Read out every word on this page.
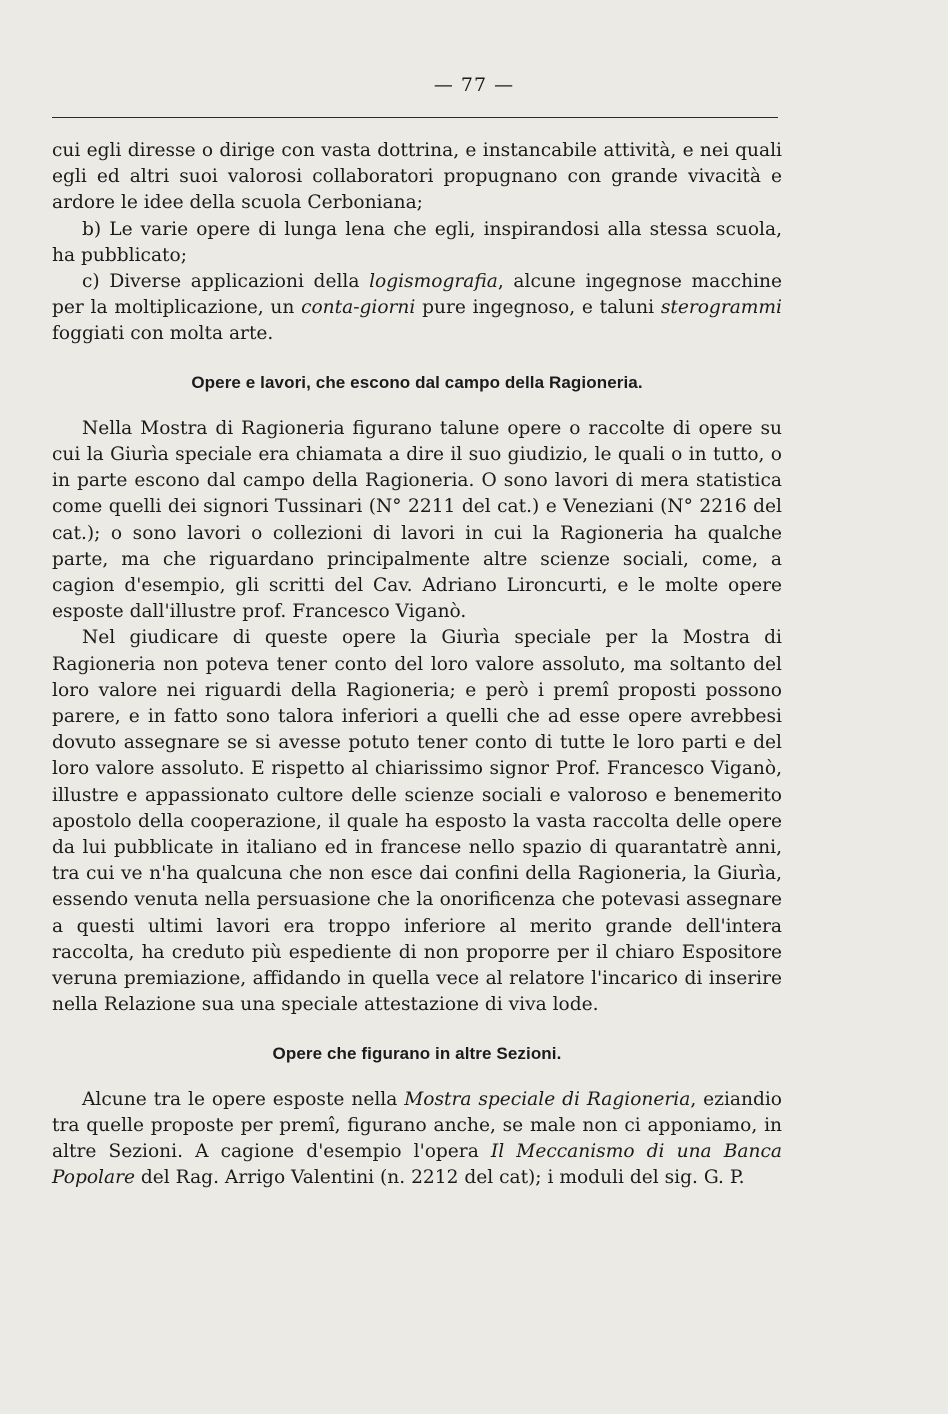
— 77 —

cui egli diresse o dirige con vasta dottrina, e instancabile attività, e nei quali egli ed altri suoi valorosi collaboratori propugnano con grande vivacità e ardore le idee della scuola Cerboniana;

b) Le varie opere di lunga lena che egli, inspirandosi alla stessa scuola, ha pubblicato;

c) Diverse applicazioni della logismografia, alcune ingegnose macchine per la moltiplicazione, un conta-giorni pure ingegnoso, e taluni sterogrammi foggiati con molta arte.

Opere e lavori, che escono dal campo della Ragioneria.

Nella Mostra di Ragioneria figurano talune opere o raccolte di opere su cui la Giurìa speciale era chiamata a dire il suo giudizio, le quali o in tutto, o in parte escono dal campo della Ragioneria. O sono lavori di mera statistica come quelli dei signori Tussinari (N° 2211 del cat.) e Veneziani (N° 2216 del cat.); o sono lavori o collezioni di lavori in cui la Ragioneria ha qualche parte, ma che riguardano principalmente altre scienze sociali, come, a cagion d'esempio, gli scritti del Cav. Adriano Lironcurti, e le molte opere esposte dall'illustre prof. Francesco Viganò.

Nel giudicare di queste opere la Giurìa speciale per la Mostra di Ragioneria non poteva tener conto del loro valore assoluto, ma soltanto del loro valore nei riguardi della Ragioneria; e però i premî proposti possono parere, e in fatto sono talora inferiori a quelli che ad esse opere avrebbesi dovuto assegnare se si avesse potuto tener conto di tutte le loro parti e del loro valore assoluto. E rispetto al chiarissimo signor Prof. Francesco Viganò, illustre e appassionato cultore delle scienze sociali e valoroso e benemerito apostolo della cooperazione, il quale ha esposto la vasta raccolta delle opere da lui pubblicate in italiano ed in francese nello spazio di quarantatrè anni, tra cui ve n'ha qualcuna che non esce dai confini della Ragioneria, la Giurìa, essendo venuta nella persuasione che la onorificenza che potevasi assegnare a questi ultimi lavori era troppo inferiore al merito grande dell'intera raccolta, ha creduto più espediente di non proporre per il chiaro Espositore veruna premiazione, affidando in quella vece al relatore l'incarico di inserire nella Relazione sua una speciale attestazione di viva lode.

Opere che figurano in altre Sezioni.

Alcune tra le opere esposte nella Mostra speciale di Ragioneria, eziandio tra quelle proposte per premî, figurano anche, se male non ci apponiamo, in altre Sezioni. A cagione d'esempio l'opera Il Meccanismo di una Banca Popolare del Rag. Arrigo Valentini (n. 2212 del cat); i moduli del sig. G. P.
